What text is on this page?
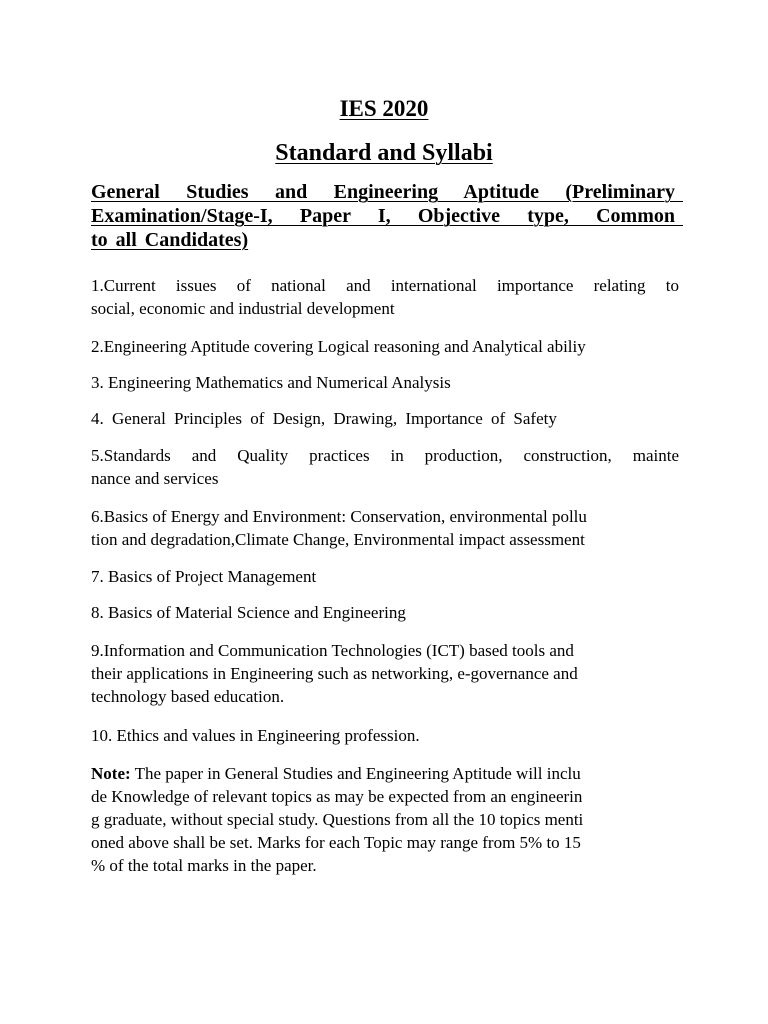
IES 2020
Standard and Syllabi
General Studies and Engineering Aptitude (Preliminary
Examination/Stage-I, Paper I, Objective type, Common
to all Candidates)
1.Current issues of national and international importance relating to
social, economic and industrial development
2.Engineering Aptitude covering Logical reasoning and Analytical abiliy
3. Engineering Mathematics and Numerical Analysis
4. General Principles of Design, Drawing, Importance of Safety
5.Standards and Quality practices in production, construction, mainte
nance and services
6.Basics of Energy and Environment: Conservation, environmental pollu
tion and degradation,Climate Change, Environmental impact assessment
7. Basics of Project Management
8. Basics of Material Science and Engineering
9.Information and Communication Technologies (ICT) based tools and
their applications in Engineering such as networking, e-governance and
technology based education.
10. Ethics and values in Engineering profession.
Note: The paper in General Studies and Engineering Aptitude will inclu
de Knowledge of relevant topics as may be expected from an engineerin
g graduate, without special study. Questions from all the 10 topics menti
oned above shall be set. Marks for each Topic may range from 5% to 15
% of the total marks in the paper.
